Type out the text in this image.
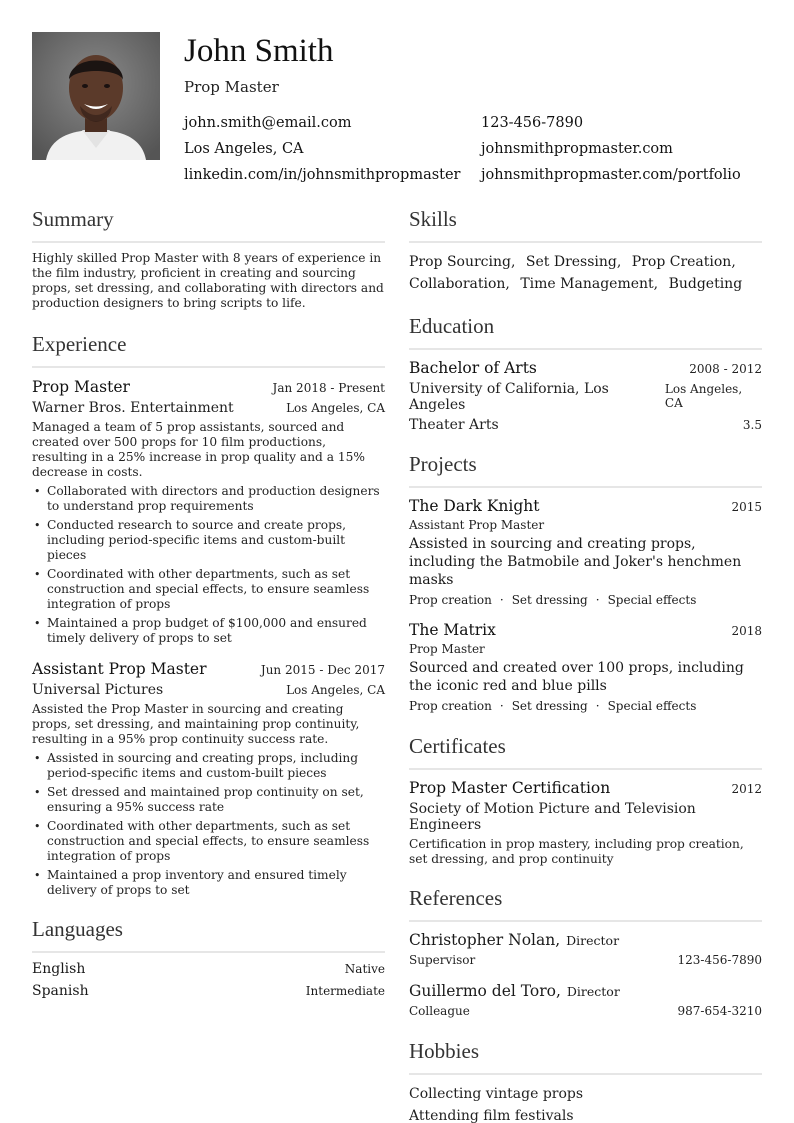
John Smith
Prop Master
john.smith@email.com	123-456-7890
Los Angeles, CA	johnsmithpropmaster.com
linkedin.com/in/johnsmithpropmaster johnsmithpropmaster.com/portfolio
Summary

Highly skilled Prop Master with 8 years of experience in the film industry, proficient in creating and sourcing props, set dressing, and collaborating with directors and production designers to bring scripts to life.

Experience
Prop Master	Jan 2018 - Present
Warner Bros. Entertainment	Los Angeles, CA

Managed a team of 5 prop assistants, sourced and created over 500 props for 10 film productions, resulting in a 25% increase in prop quality and a 15% decrease in costs.

• Collaborated with directors and production designers to understand prop requirements
• Conducted research to source and create props, including period-specific items and custom-built pieces
• Coordinated with other departments, such as set construction and special effects, to ensure seamless integration of props
• Maintained a prop budget of $100,000 and ensured timely delivery of props to set
Assistant Prop Master	Jun 2015 - Dec 2017
Universal Pictures	Los Angeles, CA

Assisted the Prop Master in sourcing and creating props, set dressing, and maintaining prop continuity, resulting in a 95% prop continuity success rate.

• Assisted in sourcing and creating props, including period-specific items and custom-built pieces
• Set dressed and maintained prop continuity on set, ensuring a 95% success rate
• Coordinated with other departments, such as set construction and special effects, to ensure seamless integration of props
• Maintained a prop inventory and ensured timely delivery of props to set
Languages
English	Native
Spanish	Intermediate
Skills
Prop Sourcing, Set Dressing, Prop Creation,
Collaboration, Time Management, Budgeting
Education
Bachelor of Arts	2008 - 2012
University of California, Los Angeles
Los Angeles, CA
Theater Arts	3.5
Projects
The Dark Knight	2015
Assistant Prop Master

Assisted in sourcing and creating props, including the Batmobile and Joker's henchmen masks

Prop creation · Set dressing · Special effects
The Matrix	2018
Prop Master

Sourced and created over 100 props, including the iconic red and blue pills

Prop creation · Set dressing · Special effects
Certificates
Prop Master Certification	2012
Society of Motion Picture and Television Engineers

Certification in prop mastery, including prop creation, set dressing, and prop continuity

References
Christopher Nolan, Director
Supervisor	123-456-7890
Guillermo del Toro, Director
Colleague	987-654-3210
Hobbies
Collecting vintage props
Attending film festivals
